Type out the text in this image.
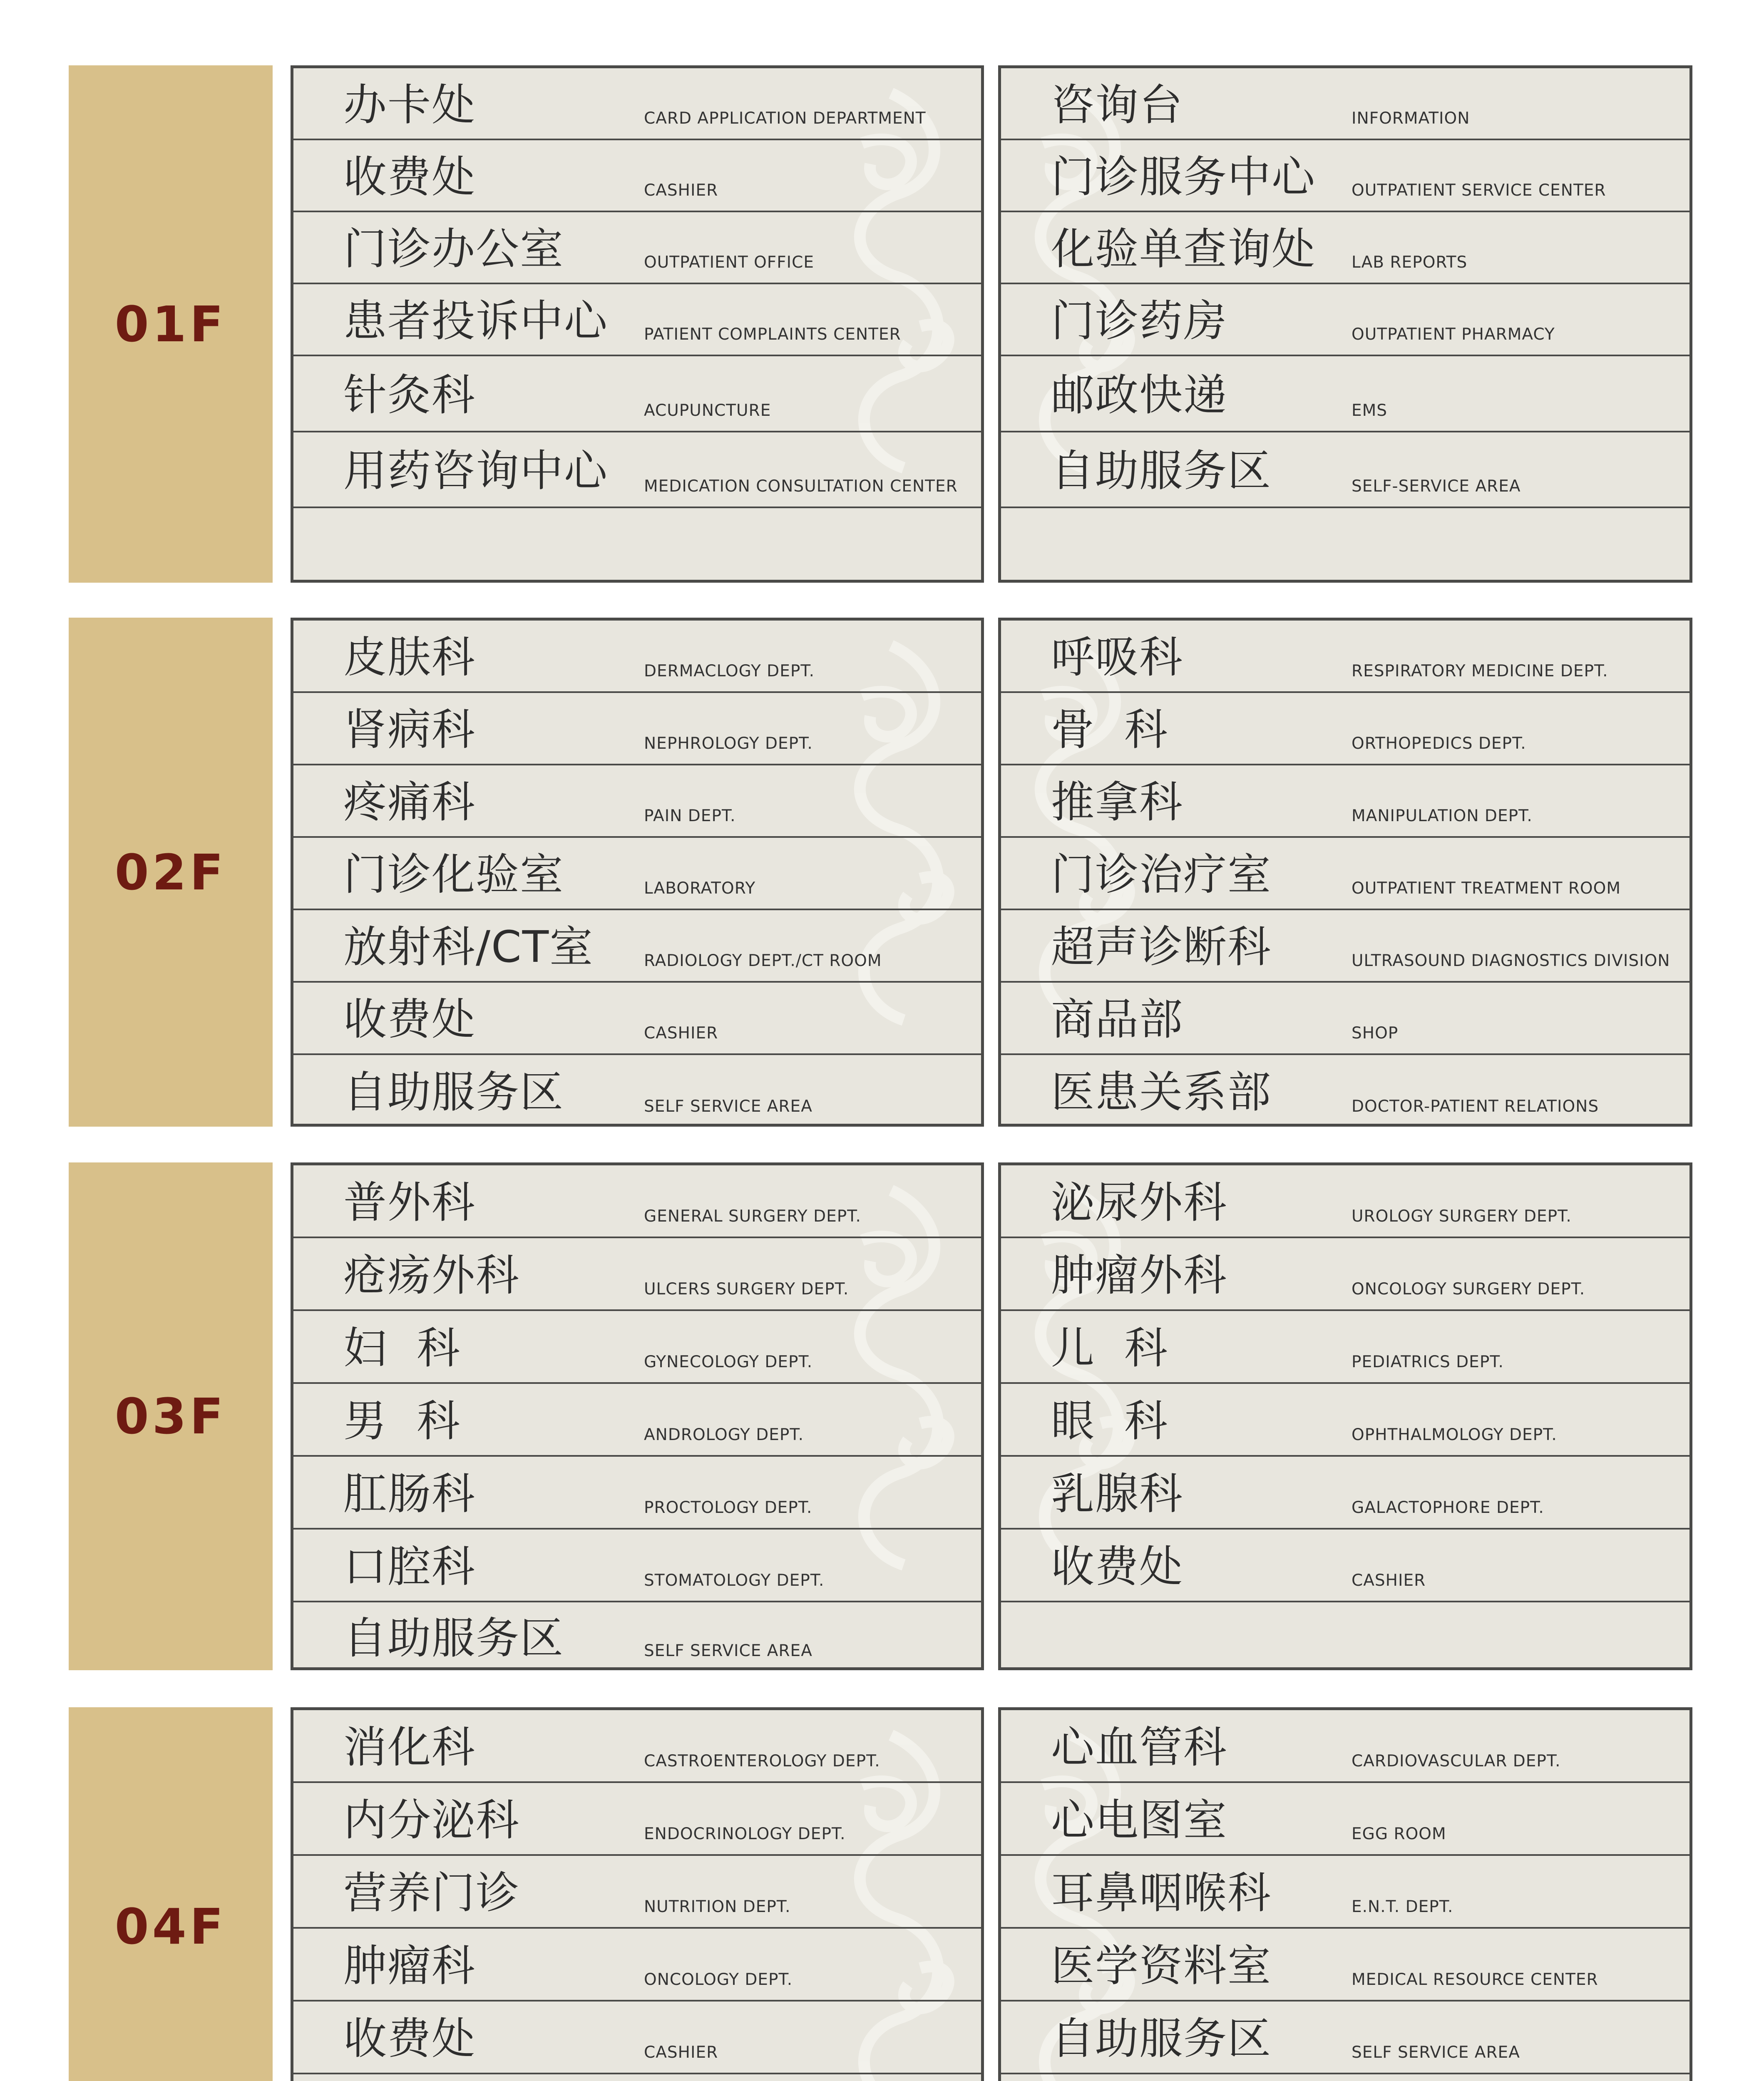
01F
办卡处	CARD APPLICATION DEPARTMENT
收费处	CASHIER
门诊办公室	OUTPATIENT OFFICE
患者投诉中心 PATIENT COMPLAINTS CENTER
针灸科	ACUPUNCTURE
用药咨询中心 MEDICATION CONSULTATION CENTER
咨询台	INFORMATION
门诊服务中心 OUTPATIENT SERVICE CENTER
化验单查询处 LAB REPORTS
门诊药房	OUTPATIENT PHARMACY
邮政快递	EMS
自助服务区	SELF-SERVICE AREA
02F
皮肤科	DERMACLOGY DEPT.
肾病科	NEPHROLOGY DEPT.
疼痛科	PAIN DEPT.
门诊化验室	LABORATORY
放射科/CT室	RADIOLOGY DEPT./CT ROOM
收费处	CASHIER
自助服务区	SELF SERVICE AREA
呼吸科	RESPIRATORY MEDICINE DEPT.
骨  科	ORTHOPEDICS DEPT.
推拿科	MANIPULATION DEPT.
门诊治疗室	OUTPATIENT TREATMENT ROOM
超声诊断科	ULTRASOUND DIAGNOSTICS DIVISION
商品部	SHOP
医患关系部	DOCTOR-PATIENT RELATIONS
03F
普外科	GENERAL SURGERY DEPT.
疮疡外科	ULCERS SURGERY DEPT.
妇  科	GYNECOLOGY DEPT.
男  科	ANDROLOGY DEPT.
肛肠科	PROCTOLOGY DEPT.
口腔科	STOMATOLOGY DEPT.
自助服务区	SELF SERVICE AREA
泌尿外科	UROLOGY SURGERY DEPT.
肿瘤外科	ONCOLOGY SURGERY DEPT.
儿  科	PEDIATRICS DEPT.
眼  科	OPHTHALMOLOGY DEPT.
乳腺科	GALACTOPHORE DEPT.
收费处	CASHIER
04F
消化科	CASTROENTEROLOGY DEPT.
内分泌科	ENDOCRINOLOGY DEPT.
营养门诊	NUTRITION DEPT.
肿瘤科	ONCOLOGY DEPT.
收费处	CASHIER
心血管科	CARDIOVASCULAR DEPT.
心电图室	EGG ROOM
耳鼻咽喉科	E.N.T. DEPT.
医学资料室	MEDICAL RESOURCE CENTER
自助服务区	SELF SERVICE AREA
